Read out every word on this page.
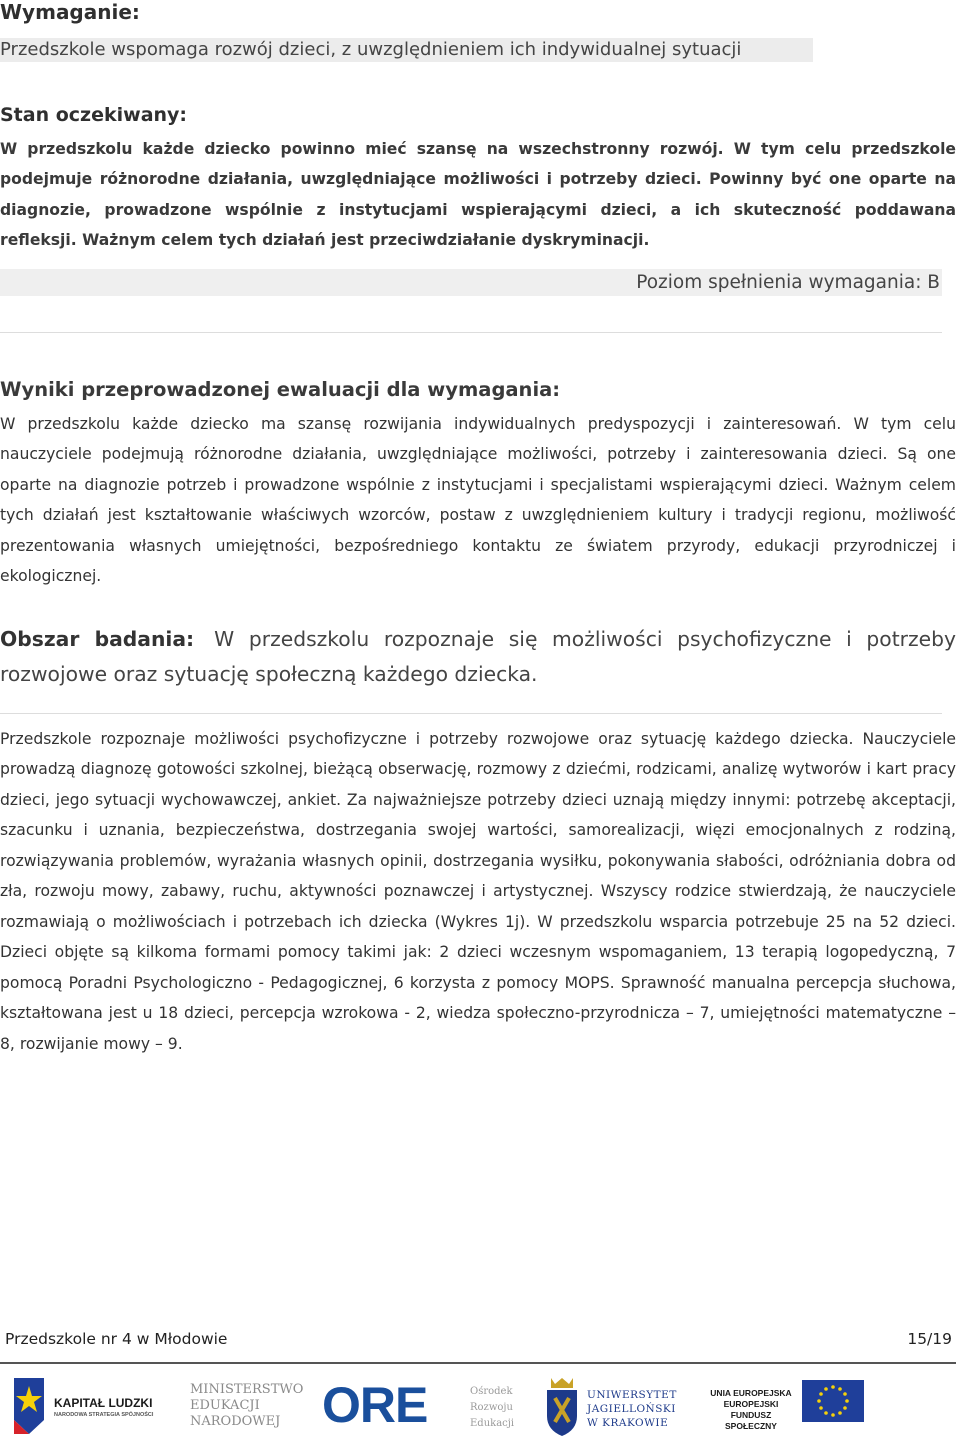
Wymaganie:
Przedszkole wspomaga rozwój dzieci, z uwzględnieniem ich indywidualnej sytuacji
Stan oczekiwany:
W przedszkolu każde dziecko powinno mieć szansę na wszechstronny rozwój. W tym celu przedszkole podejmuje różnorodne działania, uwzględniające możliwości i potrzeby dzieci. Powinny być one oparte na diagnozie, prowadzone wspólnie z instytucjami wspierającymi dzieci, a ich skuteczność poddawana refleksji. Ważnym celem tych działań jest przeciwdziałanie dyskryminacji.
Poziom spełnienia wymagania: B
Wyniki przeprowadzonej ewaluacji dla wymagania:
W przedszkolu każde dziecko ma szansę rozwijania indywidualnych predyspozycji i zainteresowań. W tym celu nauczyciele podejmują różnorodne działania, uwzględniające możliwości, potrzeby i zainteresowania dzieci. Są one oparte na diagnozie potrzeb i prowadzone wspólnie z instytucjami i specjalistami wspierającymi dzieci. Ważnym celem tych działań jest kształtowanie właściwych wzorców, postaw z uwzględnieniem kultury i tradycji regionu, możliwość prezentowania własnych umiejętności, bezpośredniego kontaktu ze światem przyrody, edukacji przyrodniczej i ekologicznej.
Obszar badania: W przedszkolu rozpoznaje się możliwości psychofizyczne i potrzeby rozwojowe oraz sytuację społeczną każdego dziecka.
Przedszkole rozpoznaje możliwości psychofizyczne i potrzeby rozwojowe oraz sytuację każdego dziecka. Nauczyciele prowadzą diagnozę gotowości szkolnej, bieżącą obserwację, rozmowy z dziećmi, rodzicami, analizę wytworów i kart pracy dzieci, jego sytuacji wychowawczej, ankiet. Za najważniejsze potrzeby dzieci uznają między innymi: potrzebę akceptacji, szacunku i uznania, bezpieczeństwa, dostrzegania swojej wartości, samorealizacji, więzi emocjonalnych z rodziną, rozwiązywania problemów, wyrażania własnych opinii, dostrzegania wysiłku, pokonywania słabości, odróżniania dobra od zła, rozwoju mowy, zabawy, ruchu, aktywności poznawczej i artystycznej. Wszyscy rodzice stwierdzają, że nauczyciele rozmawiają o możliwościach i potrzebach ich dziecka (Wykres 1j). W przedszkolu wsparcia potrzebuje 25 na 52 dzieci. Dzieci objęte są kilkoma formami pomocy takimi jak: 2 dzieci wczesnym wspomaganiem, 13 terapią logopedyczną, 7 pomocą Poradni Psychologiczno - Pedagogicznej, 6 korzysta z pomocy MOPS. Sprawność manualna percepcja słuchowa, kształtowana jest u 18 dzieci, percepcja wzrokowa - 2, wiedza społeczno-przyrodnicza – 7, umiejętności matematyczne – 8, rozwijanie mowy – 9.
Przedszkole nr 4 w Młodowie	15/19
KAPITAŁ LUDZKI
NARODOWA STRATEGIA SPÓJNOŚCI
MINISTERSTWO
EDUKACJI
NARODOWEJ ORE	Ośrodek
Rozwoju
Edukacji
UNIWERSYTET
JAGIELLOŃSKI
W KRAKOWIE
UNIA EUROPEJSKA
EUROPEJSKI
FUNDUSZ SPOŁECZNY
